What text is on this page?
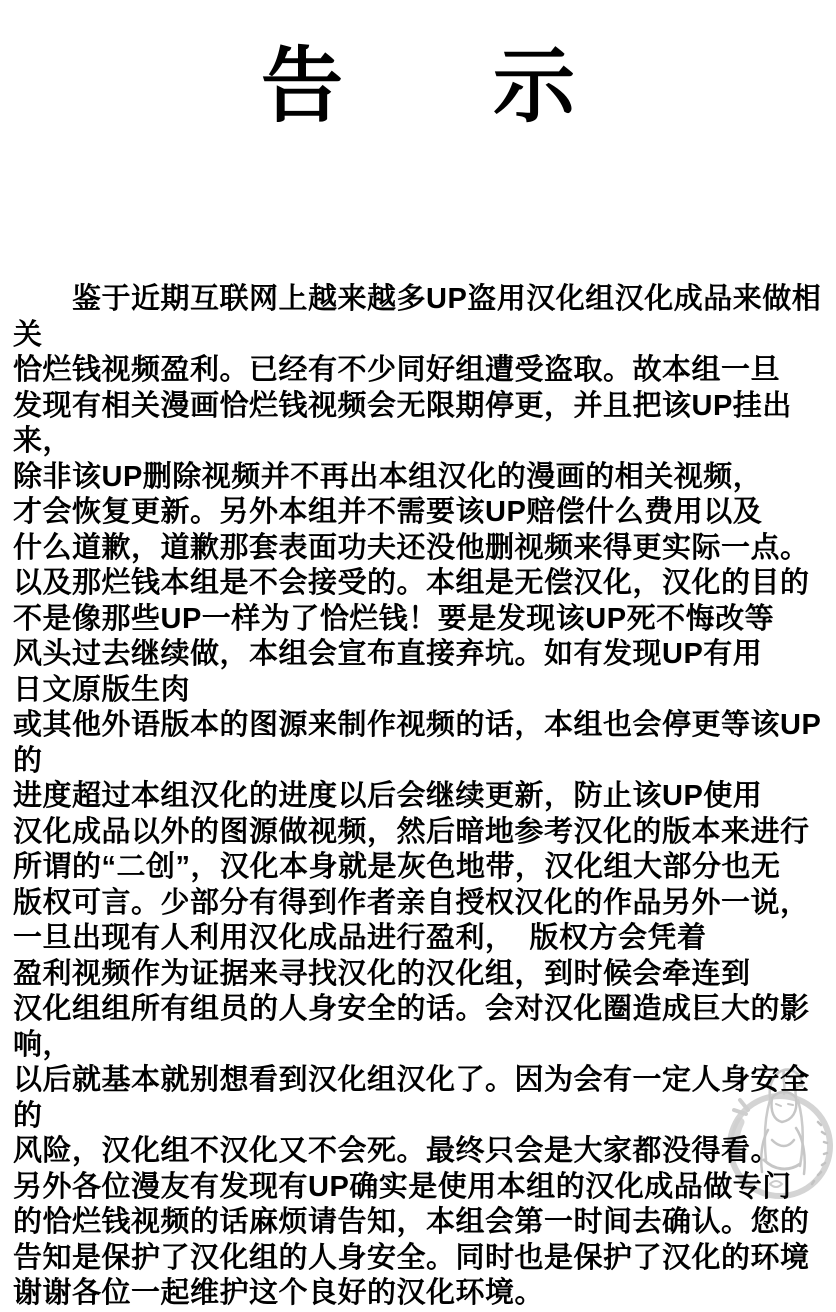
告 示
　　鉴于近期互联网上越来越多UP盗用汉化组汉化成品来做相关
恰烂钱视频盈利。已经有不少同好组遭受盗取。故本组一旦
发现有相关漫画恰烂钱视频会无限期停更，并且把该UP挂出来，
除非该UP删除视频并不再出本组汉化的漫画的相关视频，
才会恢复更新。另外本组并不需要该UP赔偿什么费用以及
什么道歉，道歉那套表面功夫还没他删视频来得更实际一点。
以及那烂钱本组是不会接受的。本组是无偿汉化，汉化的目的
不是像那些UP一样为了恰烂钱！要是发现该UP死不悔改等
风头过去继续做，本组会宣布直接弃坑。如有发现UP有用
日文原版生肉
或其他外语版本的图源来制作视频的话，本组也会停更等该UP的
进度超过本组汉化的进度以后会继续更新，防止该UP使用
汉化成品以外的图源做视频，然后暗地参考汉化的版本来进行
所谓的“二创”，汉化本身就是灰色地带，汉化组大部分也无
版权可言。少部分有得到作者亲自授权汉化的作品另外一说，
一旦出现有人利用汉化成品进行盈利，　版权方会凭着
盈利视频作为证据来寻找汉化的汉化组，到时候会牵连到
汉化组组所有组员的人身安全的话。会对汉化圈造成巨大的影响，
以后就基本就别想看到汉化组汉化了。因为会有一定人身安全的
风险，汉化组不汉化又不会死。最终只会是大家都没得看。
另外各位漫友有发现有UP确实是使用本组的汉化成品做专门
的恰烂钱视频的话麻烦请告知，本组会第一时间去确认。您的
告知是保护了汉化组的人身安全。同时也是保护了汉化的环境
谢谢各位一起维护这个良好的汉化环境。
